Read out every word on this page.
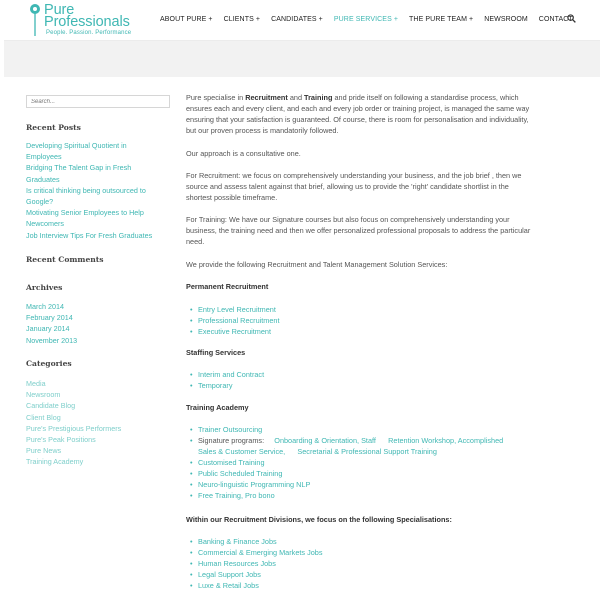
Pure
Professionals
People. Passion. Performance
ABOUT PURE + CLIENTS + CANDIDATES + PURE SERVICES + THE PURE TEAM + NEWSROOM CONTACT
Search...
Recent Posts
Developing Spiritual Quotient in
Employees
Bridging The Talent Gap in Fresh
Graduates
Is critical thinking being outsourced to
Google?
Motivating Senior Employees to Help
Newcomers
Job Interview Tips For Fresh Graduates
Recent Comments
Archives
March 2014
February 2014
January 2014
November 2013
Categories
Media
Newsroom
Candidate Blog
Client Blog
Pure's Prestigious Performers
Pure's Peak Positions
Pure News
Training Academy
Pure specialise in Recruitment and Training and pride itself on following a standardise process, which
ensures each and every client, and each and every job order or training project, is managed the same way
ensuring that your satisfaction is guaranteed. Of course, there is room for personalisation and individuality,
but our proven process is mandatorily followed.
Our approach is a consultative one.
For Recruitment: we focus on comprehensively understanding your business, and the job brief , then we
source and assess talent against that brief, allowing us to provide the 'right' candidate shortlist in the
shortest possible timeframe.
For Training: We have our Signature courses but also focus on comprehensively understanding your
business, the training need and then we offer personalized professional proposals to address the particular
need.
We provide the following Recruitment and Talent Management Solution Services:
Permanent Recruitment
• Entry Level Recruitment
• Professional Recruitment
• Executive Recruitment
Staffing Services
• Interim and Contract
• Temporary
Training Academy
• Trainer Outsourcing
• Signature programs: Onboarding & Orientation, Staff Retention Workshop, Accomplished
Sales & Customer Service, Secretarial & Professional Support Training
• Customised Training
• Public Scheduled Training
• Neuro-linguistic Programming NLP
• Free Training, Pro bono
Within our Recruitment Divisions, we focus on the following Specialisations:
• Banking & Finance Jobs
• Commercial & Emerging Markets Jobs
• Human Resources Jobs
• Legal Support Jobs
• Luxe & Retail Jobs
